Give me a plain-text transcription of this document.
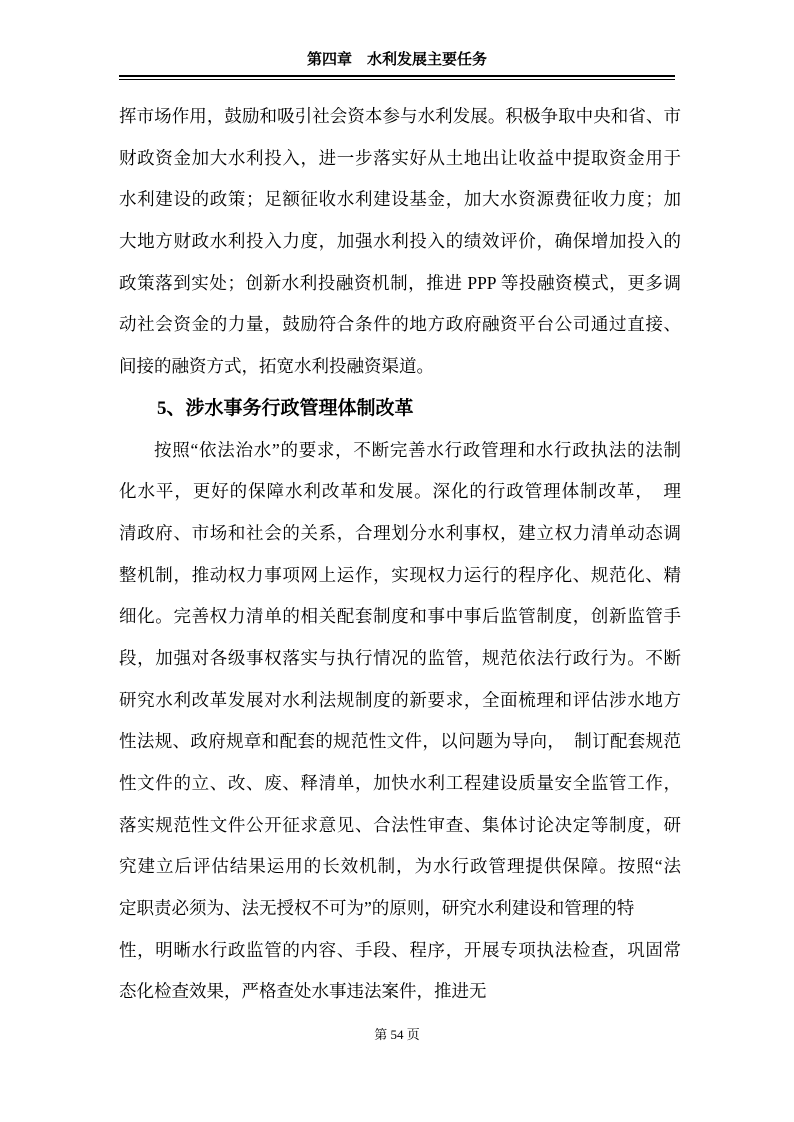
第四章　水利发展主要任务
挥市场作用，鼓励和吸引社会资本参与水利发展。积极争取中央和省、市
财政资金加大水利投入，进一步落实好从土地出让收益中提取资金用于
水利建设的政策；足额征收水利建设基金，加大水资源费征收力度；加
大地方财政水利投入力度，加强水利投入的绩效评价，确保增加投入的
政策落到实处；创新水利投融资机制，推进 PPP 等投融资模式，更多调
动社会资金的力量，鼓励符合条件的地方政府融资平台公司通过直接、
间接的融资方式，拓宽水利投融资渠道。
5、涉水事务行政管理体制改革
按照“依法治水”的要求，不断完善水行政管理和水行政执法的法制
化水平，更好的保障水利改革和发展。深化的行政管理体制改革，　理
清政府、市场和社会的关系，合理划分水利事权，建立权力清单动态调
整机制，推动权力事项网上运作，实现权力运行的程序化、规范化、精
细化。完善权力清单的相关配套制度和事中事后监管制度，创新监管手
段，加强对各级事权落实与执行情况的监管，规范依法行政行为。不断
研究水利改革发展对水利法规制度的新要求，全面梳理和评估涉水地方
性法规、政府规章和配套的规范性文件，以问题为导向，　制订配套规范
性文件的立、改、废、释清单，加快水利工程建设质量安全监管工作，
落实规范性文件公开征求意见、合法性审查、集体讨论决定等制度，研
究建立后评估结果运用的长效机制，为水行政管理提供保障。按照“法
定职责必须为、法无授权不可为”的原则，研究水利建设和管理的特
性，明晰水行政监管的内容、手段、程序，开展专项执法检查，巩固常
态化检查效果，严格查处水事违法案件，推进无
第 54 页
